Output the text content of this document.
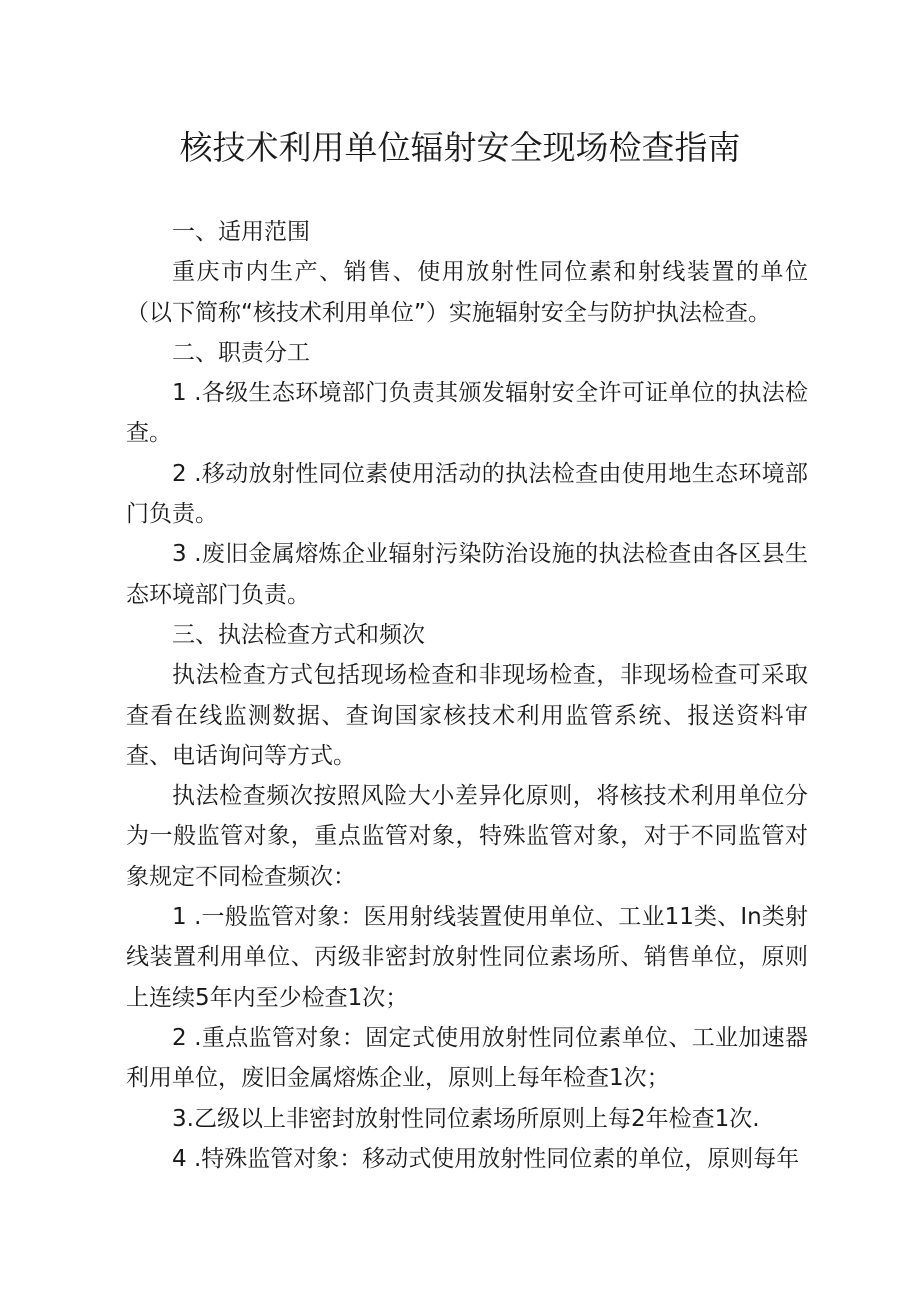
核技术利用单位辐射安全现场检查指南

一、适用范围

重庆市内生产、销售、使用放射性同位素和射线装置的单位（以下简称“核技术利用单位”）实施辐射安全与防护执法检查。

二、职责分工

1 .各级生态环境部门负责其颁发辐射安全许可证单位的执法检查。

2 .移动放射性同位素使用活动的执法检查由使用地生态环境部门负责。

3 .废旧金属熔炼企业辐射污染防治设施的执法检查由各区县生态环境部门负责。

三、执法检查方式和频次

执法检查方式包括现场检查和非现场检查，非现场检查可采取查看在线监测数据、查询国家核技术利用监管系统、报送资料审查、电话询问等方式。

执法检查频次按照风险大小差异化原则，将核技术利用单位分为一般监管对象，重点监管对象，特殊监管对象，对于不同监管对象规定不同检查频次：

1 .一般监管对象：医用射线装置使用单位、工业11类、In类射线装置利用单位、丙级非密封放射性同位素场所、销售单位，原则上连续5年内至少检查1次；

2 .重点监管对象：固定式使用放射性同位素单位、工业加速器利用单位，废旧金属熔炼企业，原则上每年检查1次；

3.乙级以上非密封放射性同位素场所原则上每2年检查1次.

4 .特殊监管对象：移动式使用放射性同位素的单位，原则每年
